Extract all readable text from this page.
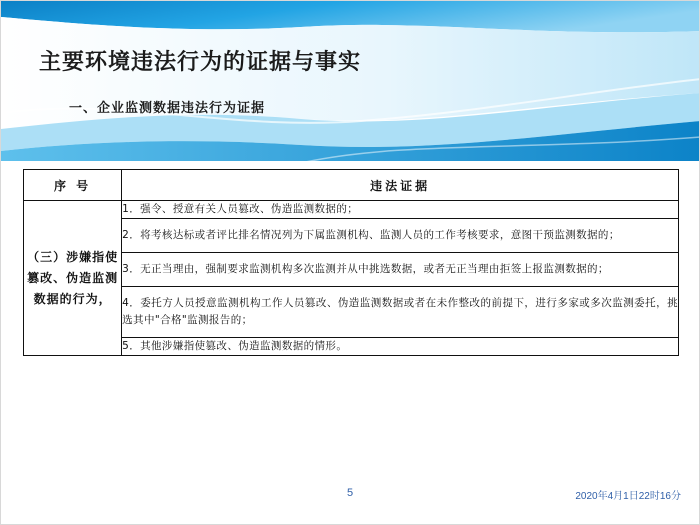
主要环境违法行为的证据与事实
一、企业监测数据违法行为证据
序 号	违法证据
（三）涉嫌指使篡改、伪造监测数据的行为，	1．强令、授意有关人员篡改、伪造监测数据的；
	2．将考核达标或者评比排名情况列为下属监测机构、监测人员的工作考核要求，意图干预监测数据的；
	3．无正当理由，强制要求监测机构多次监测并从中挑选数据，或者无正当理由拒签上报监测数据的；
	4．委托方人员授意监测机构工作人员篡改、伪造监测数据或者在未作整改的前提下，进行多家或多次监测委托，挑选其中"合格"监测报告的；
	5．其他涉嫌指使篡改、伪造监测数据的情形。
5	2020年4月1日22时16分
